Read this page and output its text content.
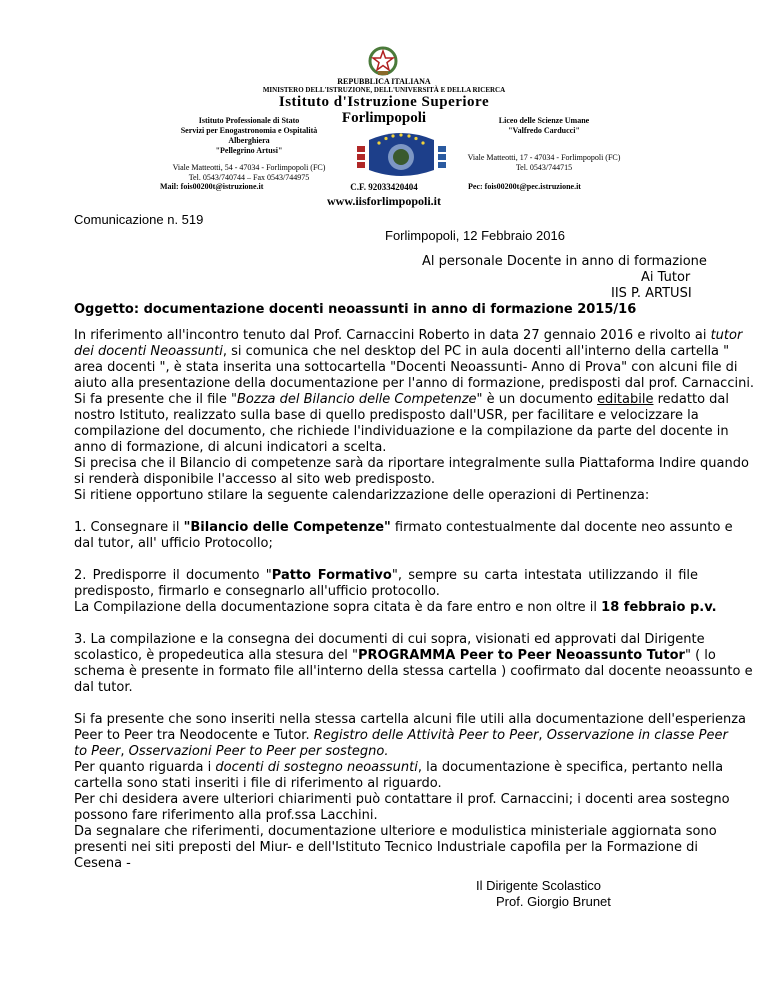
REPUBBLICA ITALIANA
MINISTERO DELL'ISTRUZIONE, DELL'UNIVERSITÀ E DELLA RICERCA
Istituto d'Istruzione Superiore
Forlimpopoli
Istituto Professionale di Stato
Servizi per Enogastronomia e Ospitalità Alberghiera
"Pellegrino Artusi"
Viale Matteotti, 54 - 47034 - Forlimpopoli (FC)
Tel. 0543/740744 – Fax 0543/744975
Liceo delle Scienze Umane
"Valfredo Carducci"
Viale Matteotti, 17 - 47034 - Forlimpopoli (FC)
Tel. 0543/744715
Mail: fois00200t@istruzione.it	C.F. 92033420404	Pec: fois00200t@pec.istruzione.it
www.iisforlimpopoli.it
Comunicazione n. 519
Forlimpopoli, 12 Febbraio 2016
Al personale Docente in anno di formazione
Ai Tutor
IIS P. ARTUSI
Oggetto: documentazione docenti neoassunti in anno di formazione 2015/16
In riferimento all'incontro tenuto dal Prof. Carnaccini Roberto in data 27 gennaio 2016 e rivolto ai tutor
dei docenti Neoassunti, si comunica che nel desktop del PC in aula docenti all'interno della cartella "
area docenti ", è stata inserita una sottocartella "Docenti Neoassunti- Anno di Prova" con alcuni file di
aiuto alla presentazione della documentazione per l'anno di formazione, predisposti dal prof. Carnaccini.
Si fa presente che il file "Bozza del Bilancio delle Competenze" è un documento editabile redatto dal
nostro Istituto, realizzato sulla base di quello predisposto dall'USR, per facilitare e velocizzare la
compilazione del documento, che richiede l'individuazione e la compilazione da parte del docente in
anno di formazione, di alcuni indicatori a scelta.
Si precisa che il Bilancio di competenze sarà da riportare integralmente sulla Piattaforma Indire quando
si renderà disponibile l'accesso al sito web predisposto.
Si ritiene opportuno stilare la seguente calendarizzazione delle operazioni di Pertinenza:
1. Consegnare il "Bilancio delle Competenze" firmato contestualmente dal docente neo assunto e
dal tutor, all' ufficio Protocollo;
2. Predisporre il documento "Patto Formativo", sempre su carta intestata utilizzando il file
predisposto, firmarlo e consegnarlo all'ufficio protocollo.
La Compilazione della documentazione sopra citata è da fare entro e non oltre il 18 febbraio p.v.
3. La compilazione e la consegna dei documenti di cui sopra, visionati ed approvati dal Dirigente
scolastico, è propedeutica alla stesura del "PROGRAMMA Peer to Peer Neoassunto Tutor" ( lo
schema è presente in formato file all'interno della stessa cartella ) coofirmato dal docente neoassunto e
dal tutor.
Si fa presente che sono inseriti nella stessa cartella alcuni file utili alla documentazione dell'esperienza
Peer to Peer tra Neodocente e Tutor. Registro delle Attività Peer to Peer, Osservazione in classe Peer
to Peer, Osservazioni Peer to Peer per sostegno.
Per quanto riguarda i docenti di sostegno neoassunti, la documentazione è specifica, pertanto nella
cartella sono stati inseriti i file di riferimento al riguardo.
Per chi desidera avere ulteriori chiarimenti può contattare il prof. Carnaccini; i docenti area sostegno
possono fare riferimento alla prof.ssa Lacchini.
Da segnalare che riferimenti, documentazione ulteriore e modulistica ministeriale aggiornata sono
presenti nei siti preposti del Miur- e dell'Istituto Tecnico Industriale capofila per la Formazione di
Cesena -
Il Dirigente Scolastico
Prof. Giorgio Brunet
